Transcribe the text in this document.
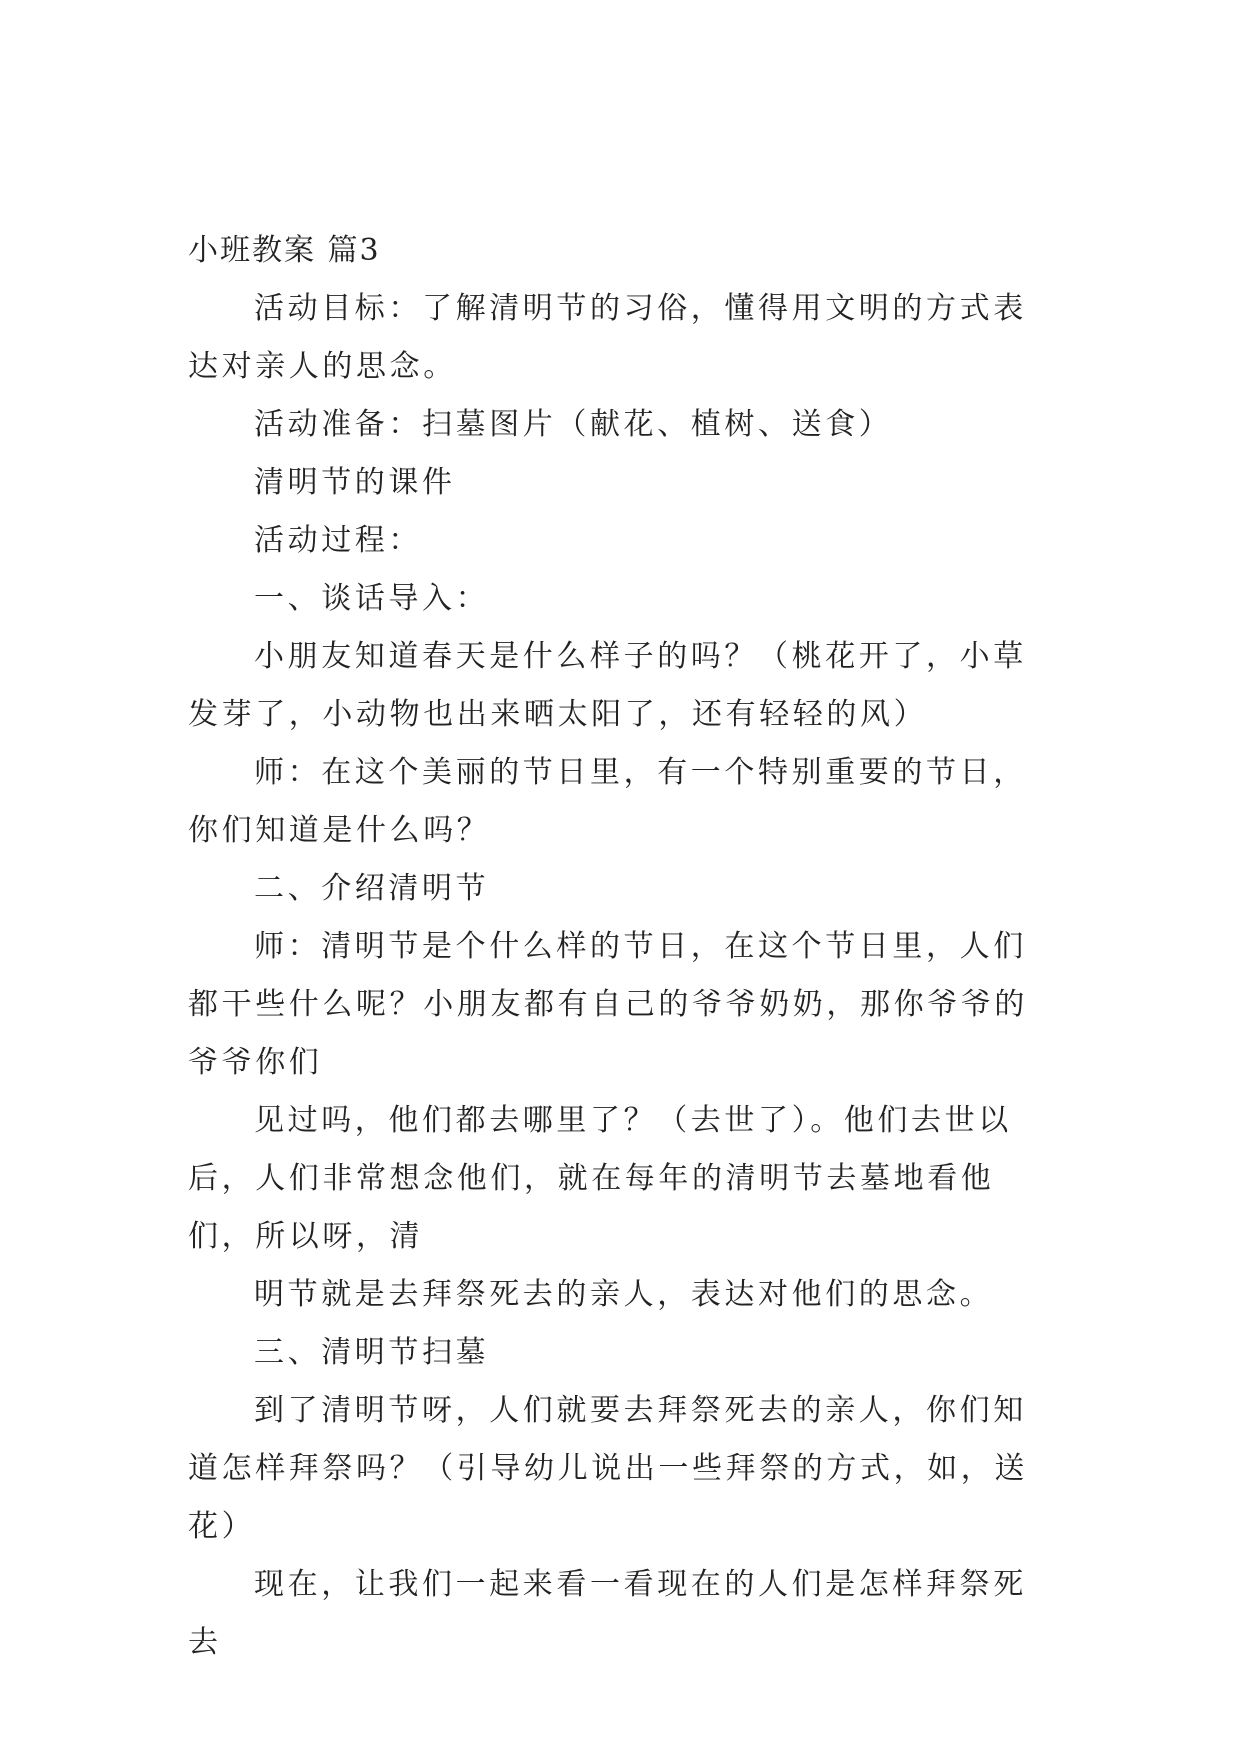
小班教案 篇3

活动目标：了解清明节的习俗，懂得用文明的方式表达对亲人的思念。

活动准备：扫墓图片（献花、植树、送食）

清明节的课件

活动过程：

一、谈话导入：

小朋友知道春天是什么样子的吗？（桃花开了，小草发芽了，小动物也出来晒太阳了，还有轻轻的风）

师：在这个美丽的节日里，有一个特别重要的节日，你们知道是什么吗？

二、介绍清明节

师：清明节是个什么样的节日，在这个节日里，人们都干些什么呢？小朋友都有自己的爷爷奶奶，那你爷爷的爷爷你们

见过吗，他们都去哪里了？（去世了）。他们去世以后，人们非常想念他们，就在每年的清明节去墓地看他们，所以呀，清

明节就是去拜祭死去的亲人，表达对他们的思念。

三、清明节扫墓

到了清明节呀，人们就要去拜祭死去的亲人，你们知道怎样拜祭吗？（引导幼儿说出一些拜祭的方式，如，送花）

现在，让我们一起来看一看现在的人们是怎样拜祭死去
